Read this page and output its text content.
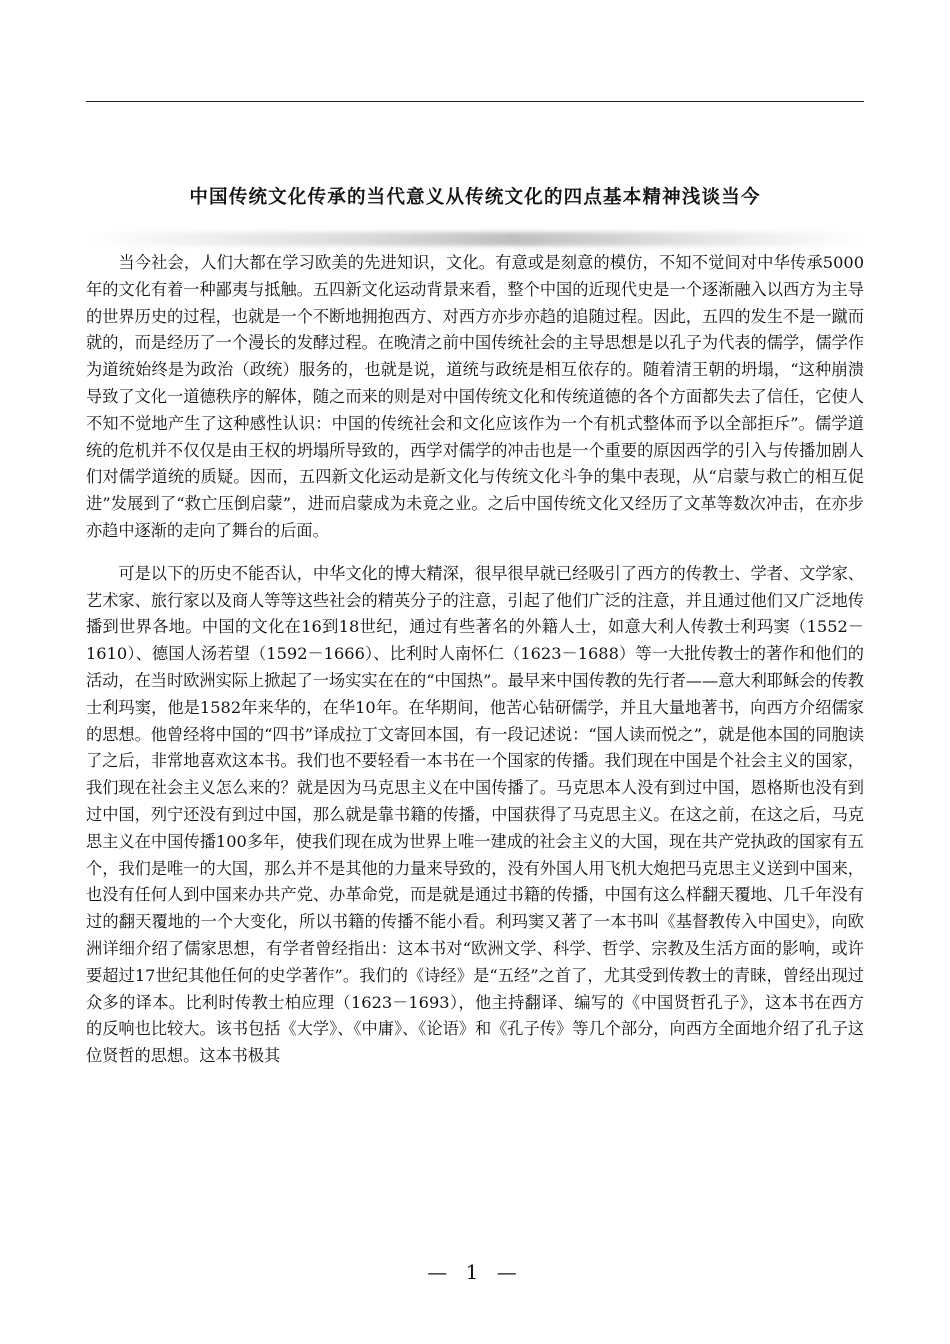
中国传统文化传承的当代意义从传统文化的四点基本精神浅谈当今

当今社会，人们大都在学习欧美的先进知识，文化。有意或是刻意的模仿，不知不觉间对中华传承5000年的文化有着一种鄙夷与抵触。五四新文化运动背景来看，整个中国的近现代史是一个逐渐融入以西方为主导的世界历史的过程，也就是一个不断地拥抱西方、对西方亦步亦趋的追随过程。因此，五四的发生不是一蹴而就的，而是经历了一个漫长的发酵过程。在晚清之前中国传统社会的主导思想是以孔子为代表的儒学，儒学作为道统始终是为政治（政统）服务的，也就是说，道统与政统是相互依存的。随着清王朝的坍塌，“这种崩溃导致了文化一道德秩序的解体，随之而来的则是对中国传统文化和传统道德的各个方面都失去了信任，它使人不知不觉地产生了这种感性认识：中国的传统社会和文化应该作为一个有机式整体而予以全部拒斥”。儒学道统的危机并不仅仅是由王权的坍塌所导致的，西学对儒学的冲击也是一个重要的原因西学的引入与传播加剧人们对儒学道统的质疑。因而，五四新文化运动是新文化与传统文化斗争的集中表现，从“启蒙与救亡的相互促进”发展到了“救亡压倒启蒙”，进而启蒙成为未竟之业。之后中国传统文化又经历了文革等数次冲击，在亦步亦趋中逐渐的走向了舞台的后面。

可是以下的历史不能否认，中华文化的博大精深，很早很早就已经吸引了西方的传教士、学者、文学家、艺术家、旅行家以及商人等等这些社会的精英分子的注意，引起了他们广泛的注意，并且通过他们又广泛地传播到世界各地。中国的文化在16到18世纪，通过有些著名的外籍人士，如意大利人传教士利玛窦（1552－1610）、德国人汤若望（1592－1666）、比利时人南怀仁（1623－1688）等一大批传教士的著作和他们的活动，在当时欧洲实际上掀起了一场实实在在的“中国热”。最早来中国传教的先行者——意大利耶稣会的传教士利玛窦，他是1582年来华的，在华10年。在华期间，他苦心钻研儒学，并且大量地著书，向西方介绍儒家的思想。他曾经将中国的“四书”译成拉丁文寄回本国，有一段记述说：“国人读而悦之”，就是他本国的同胞读了之后，非常地喜欢这本书。我们也不要轻看一本书在一个国家的传播。我们现在中国是个社会主义的国家，我们现在社会主义怎么来的？就是因为马克思主义在中国传播了。马克思本人没有到过中国，恩格斯也没有到过中国，列宁还没有到过中国，那么就是靠书籍的传播，中国获得了马克思主义。在这之前，在这之后，马克思主义在中国传播100多年，使我们现在成为世界上唯一建成的社会主义的大国，现在共产党执政的国家有五个，我们是唯一的大国，那么并不是其他的力量来导致的，没有外国人用飞机大炮把马克思主义送到中国来，也没有任何人到中国来办共产党、办革命党，而是就是通过书籍的传播，中国有这么样翻天覆地、几千年没有过的翻天覆地的一个大变化，所以书籍的传播不能小看。利玛窦又著了一本书叫《基督教传入中国史》，向欧洲详细介绍了儒家思想，有学者曾经指出：这本书对“欧洲文学、科学、哲学、宗教及生活方面的影响，或许要超过17世纪其他任何的史学著作”。我们的《诗经》是“五经”之首了，尤其受到传教士的青睐，曾经出现过众多的译本。比利时传教士柏应理（1623－1693），他主持翻译、编写的《中国贤哲孔子》，这本书在西方的反响也比较大。该书包括《大学》、《中庸》、《论语》和《孔子传》等几个部分，向西方全面地介绍了孔子这位贤哲的思想。这本书极其

— 1 —
